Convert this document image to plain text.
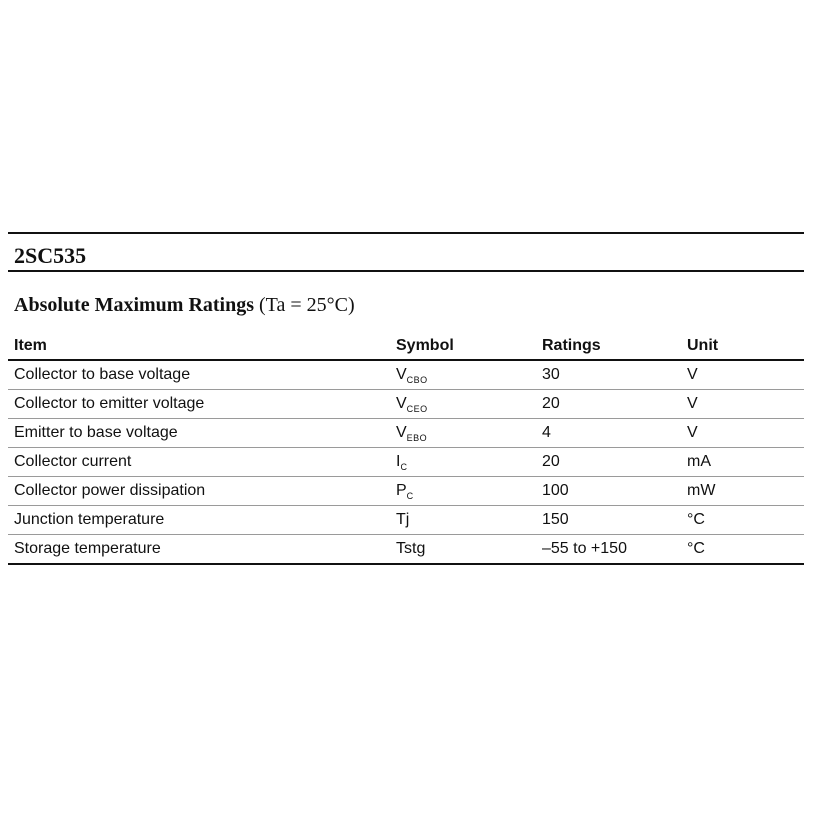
2SC535
Absolute Maximum Ratings (Ta = 25°C)
Item	Symbol	Ratings	Unit
Collector to base voltage	$V_{CBO}$	30	V
Collector to emitter voltage	$V_{CEO}$	20	V
Emitter to base voltage	$V_{EBO}$	4	V
Collector current	$I_C$	20	mA
Collector power dissipation	$P_C$	100	mW
Junction temperature	Tj	150	°C
Storage temperature	Tstg	–55 to +150	°C
